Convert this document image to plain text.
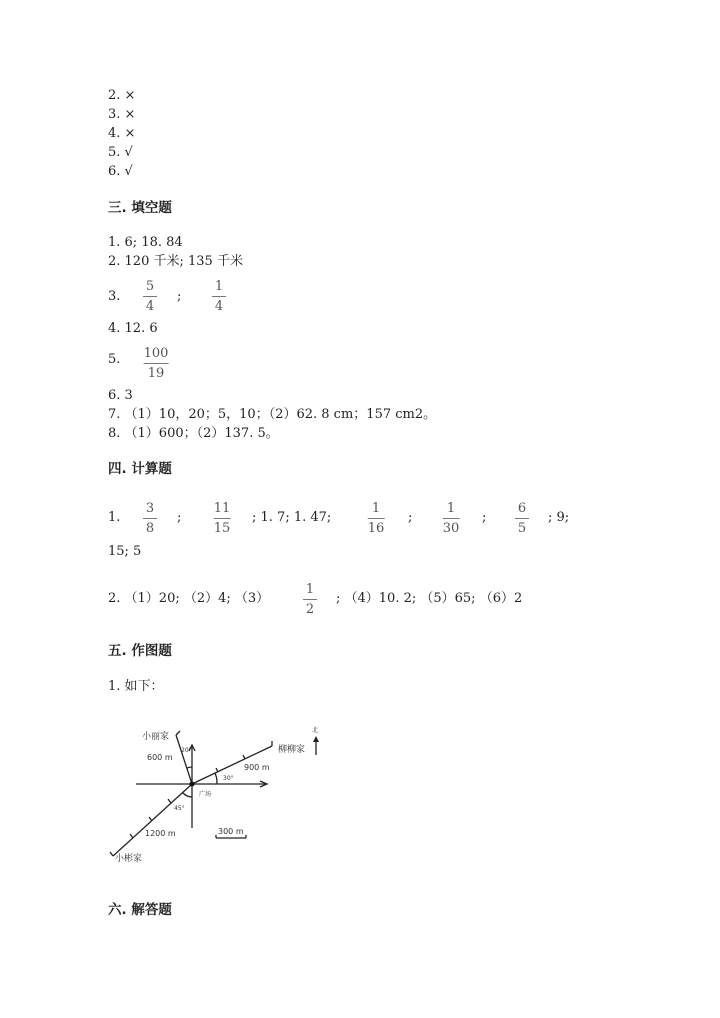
2. ×
3. ×
4. ×
5. √
6. √
三. 填空题
1. 6; 18. 84
2. 120 千米; 135 千米
3.
5
4
;
1
4
4. 12. 6
5. 100
19
6. 3
7. （1）10，20；5，10；（2）62. 8 cm；157 cm2。
8. （1）600；（2）137. 5。
四. 计算题
1.
3
8
;
11
15
; 1. 7; 1. 47;
1
16
;
1
30
;
6
5
; 9;
15; 5
2. （1）20; （2）4; （3）
1
2
; （4）10. 2; （5）65; （6）2
五. 作图题
1. 如下：
小丽家
600 m
20°	柳柳家
900 m
30°
北
广场
45°
1200 m	300 m
小彬家
六. 解答题
